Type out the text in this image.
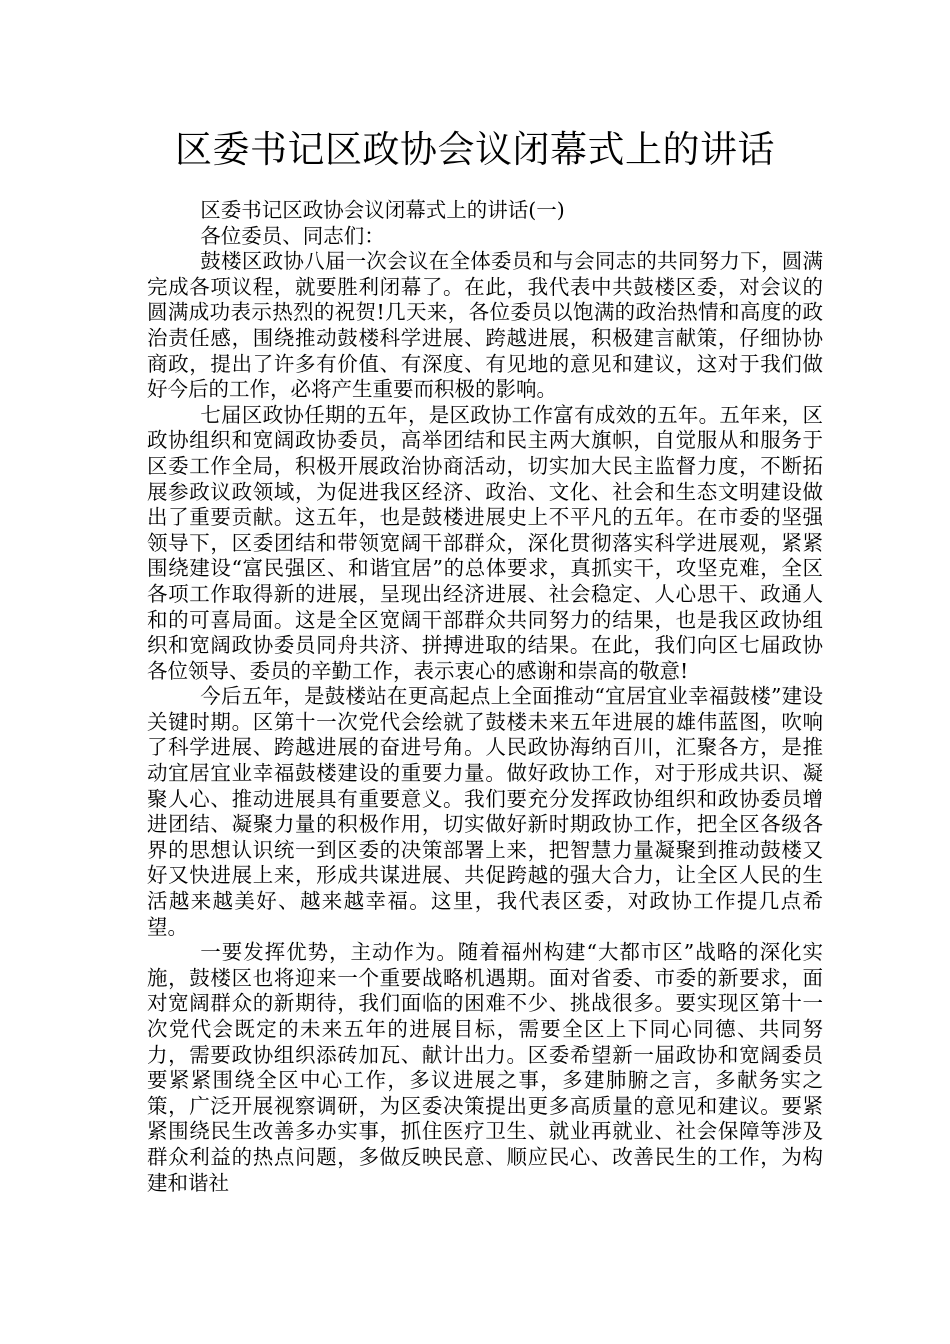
区委书记区政协会议闭幕式上的讲话

区委书记区政协会议闭幕式上的讲话(一)

各位委员、同志们：

鼓楼区政协八届一次会议在全体委员和与会同志的共同努力下，圆满完成各项议程，就要胜利闭幕了。在此，我代表中共鼓楼区委，对会议的圆满成功表示热烈的祝贺!几天来，各位委员以饱满的政治热情和高度的政治责任感，围绕推动鼓楼科学进展、跨越进展，积极建言献策，仔细协协商政，提出了许多有价值、有深度、有见地的意见和建议，这对于我们做好今后的工作，必将产生重要而积极的影响。

七届区政协任期的五年，是区政协工作富有成效的五年。五年来，区政协组织和宽阔政协委员，高举团结和民主两大旗帜，自觉服从和服务于区委工作全局，积极开展政治协商活动，切实加大民主监督力度，不断拓展参政议政领域，为促进我区经济、政治、文化、社会和生态文明建设做出了重要贡献。这五年，也是鼓楼进展史上不平凡的五年。在市委的坚强领导下，区委团结和带领宽阔干部群众，深化贯彻落实科学进展观，紧紧围绕建设“富民强区、和谐宜居”的总体要求，真抓实干，攻坚克难，全区各项工作取得新的进展，呈现出经济进展、社会稳定、人心思干、政通人和的可喜局面。这是全区宽阔干部群众共同努力的结果，也是我区政协组织和宽阔政协委员同舟共济、拼搏进取的结果。在此，我们向区七届政协各位领导、委员的辛勤工作，表示衷心的感谢和崇高的敬意!

今后五年，是鼓楼站在更高起点上全面推动“宜居宜业幸福鼓楼”建设关键时期。区第十一次党代会绘就了鼓楼未来五年进展的雄伟蓝图，吹响了科学进展、跨越进展的奋进号角。人民政协海纳百川，汇聚各方，是推动宜居宜业幸福鼓楼建设的重要力量。做好政协工作，对于形成共识、凝聚人心、推动进展具有重要意义。我们要充分发挥政协组织和政协委员增进团结、凝聚力量的积极作用，切实做好新时期政协工作，把全区各级各界的思想认识统一到区委的决策部署上来，把智慧力量凝聚到推动鼓楼又好又快进展上来，形成共谋进展、共促跨越的强大合力，让全区人民的生活越来越美好、越来越幸福。这里，我代表区委，对政协工作提几点希望。

一要发挥优势，主动作为。随着福州构建“大都市区”战略的深化实施，鼓楼区也将迎来一个重要战略机遇期。面对省委、市委的新要求，面对宽阔群众的新期待，我们面临的困难不少、挑战很多。要实现区第十一次党代会既定的未来五年的进展目标，需要全区上下同心同德、共同努力，需要政协组织添砖加瓦、献计出力。区委希望新一届政协和宽阔委员要紧紧围绕全区中心工作，多议进展之事，多建肺腑之言，多献务实之策，广泛开展视察调研，为区委决策提出更多高质量的意见和建议。要紧紧围绕民生改善多办实事，抓住医疗卫生、就业再就业、社会保障等涉及群众利益的热点问题，多做反映民意、顺应民心、改善民生的工作，为构建和谐社
